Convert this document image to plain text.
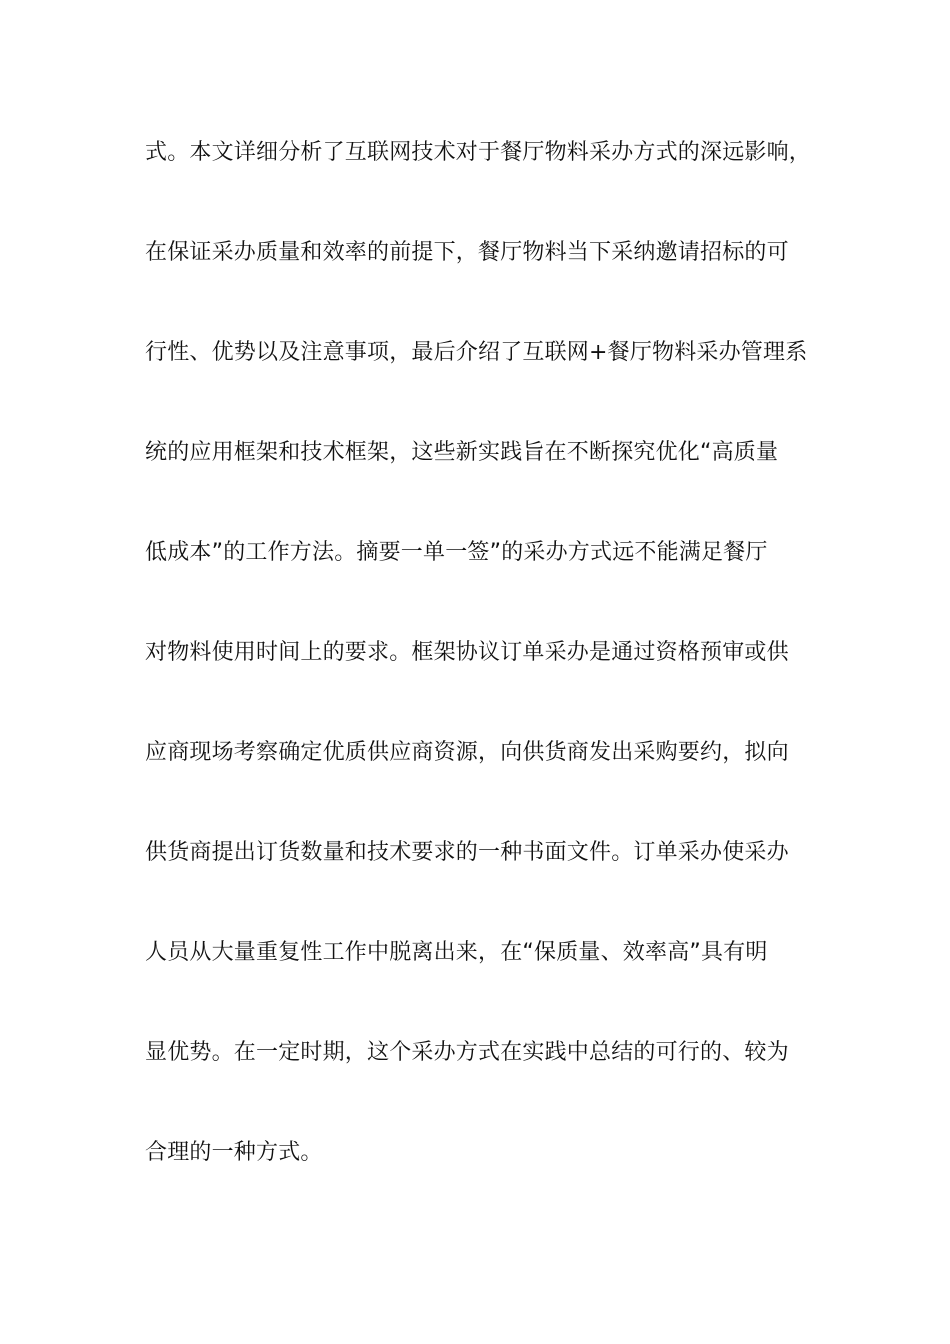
式。本文详细分析了互联网技术对于餐厅物料采办方式的深远影响，
在保证采办质量和效率的前提下，餐厅物料当下采纳邀请招标的可
行性、优势以及注意事项，最后介绍了互联网+餐厅物料采办管理系
统的应用框架和技术框架，这些新实践旨在不断探究优化“高质量
低成本”的工作方法。摘要一单一签”的采办方式远不能满足餐厅
对物料使用时间上的要求。框架协议订单采办是通过资格预审或供
应商现场考察确定优质供应商资源，向供货商发出采购要约，拟向
供货商提出订货数量和技术要求的一种书面文件。订单采办使采办
人员从大量重复性工作中脱离出来，在“保质量、效率高”具有明
显优势。在一定时期，这个采办方式在实践中总结的可行的、较为
合理的一种方式。
